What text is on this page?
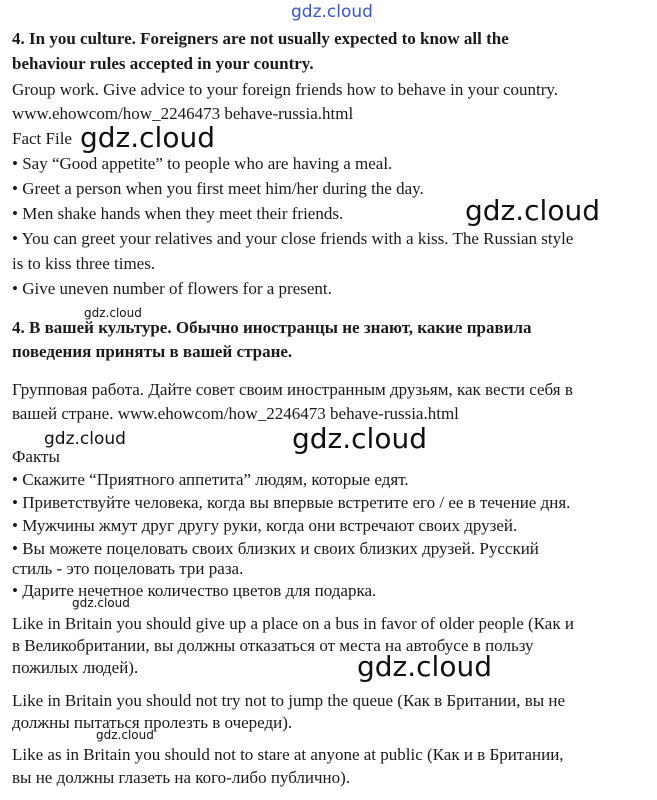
gdz.cloud
gdz.cloud
gdz.cloud
gdz.cloud
gdz.cloud
gdz.cloud
gdz.cloud
gdz.cloud
gdz.cloud
4. In you culture. Foreigners are not usually expected to know all the
behaviour rules accepted in your country.
Group work. Give advice to your foreign friends how to behave in your country.
www.ehowcom/how_2246473 behave-russia.html
Fact File
• Say “Good appetite” to people who are having a meal.
• Greet a person when you first meet him/her during the day.
• Men shake hands when they meet their friends.
• You can greet your relatives and your close friends with a kiss. The Russian style
is to kiss three times.
• Give uneven number of flowers for a present.
4. В вашей культуре. Обычно иностранцы не знают, какие правила
поведения приняты в вашей стране.
Групповая работа. Дайте совет своим иностранным друзьям, как вести себя в
вашей стране. www.ehowcom/how_2246473 behave-russia.html
Факты
• Скажите “Приятного аппетита” людям, которые едят.
• Приветствуйте человека, когда вы впервые встретите его / ее в течение дня.
• Мужчины жмут друг другу руки, когда они встречают своих друзей.
• Вы можете поцеловать своих близких и своих близких друзей. Русский
стиль - это поцеловать три раза.
• Дарите нечетное количество цветов для подарка.
Like in Britain you should give up a place on a bus in favor of older people (Как и
в Великобритании, вы должны отказаться от места на автобусе в пользу
пожилых людей).
Like in Britain you should not try not to jump the queue (Как в Британии, вы не
должны пытаться пролезть в очереди).
Like as in Britain you should not to stare at anyone at public (Как и в Британии,
вы не должны глазеть на кого-либо публично).
